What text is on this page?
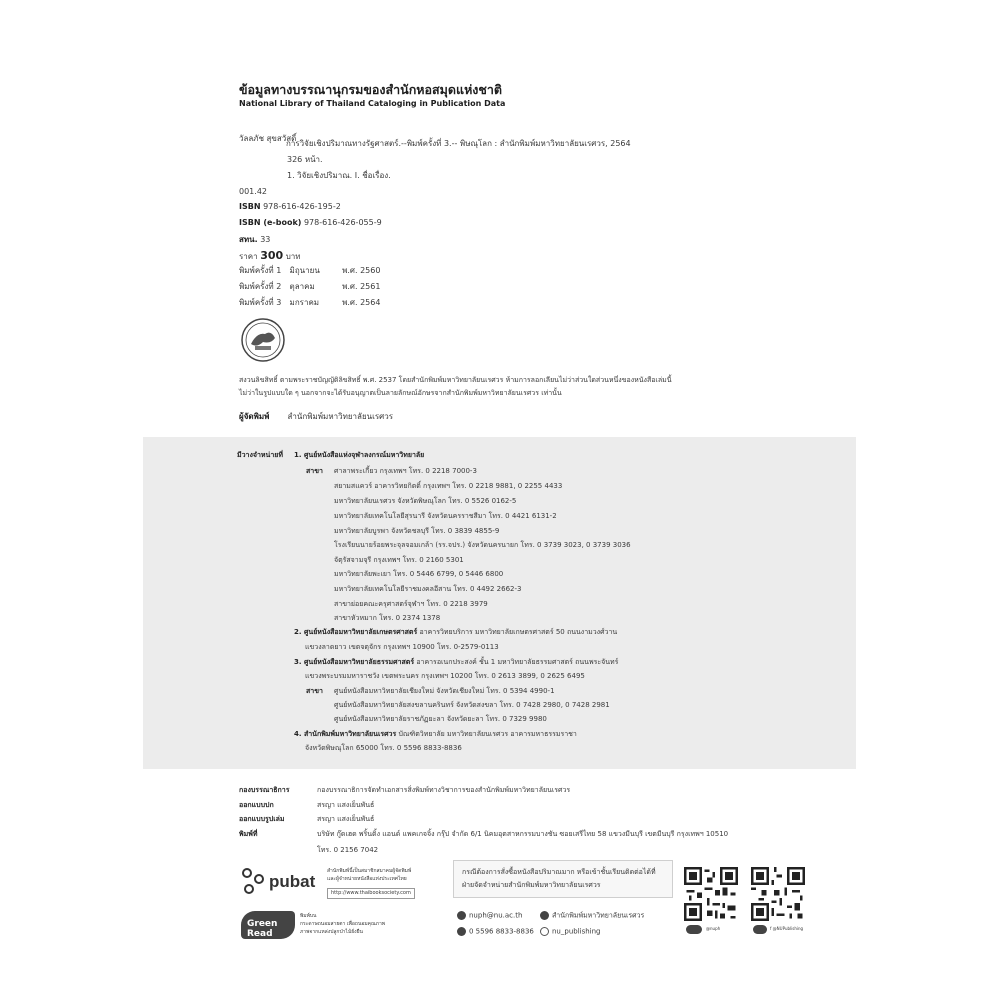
ข้อมูลทางบรรณานุกรมของสำนักหอสมุดแห่งชาติ
National Library of Thailand Cataloging in Publication Data
วัลลภัช สุขสวัสดิ์
การวิจัยเชิงปริมาณทางรัฐศาสตร์.--พิมพ์ครั้งที่ 3.-- พิษณุโลก : สำนักพิมพ์มหาวิทยาลัยนเรศวร, 2564
326 หน้า.
1. วิจัยเชิงปริมาณ. I. ชื่อเรื่อง.
001.42
ISBN 978-616-426-195-2
ISBN (e-book) 978-616-426-055-9
สทน. 33
ราคา 300 บาท
พิมพ์ครั้งที่ 1 มิถุนายน	พ.ศ. 2560
พิมพ์ครั้งที่ 2 ตุลาคม	พ.ศ. 2561
พิมพ์ครั้งที่ 3 มกราคม	พ.ศ. 2564
สงวนลิขสิทธิ์ ตามพระราชบัญญัติลิขสิทธิ์ พ.ศ. 2537 โดยสำนักพิมพ์มหาวิทยาลัยนเรศวร ห้ามการลอกเลียนไม่ว่าส่วนใดส่วนหนึ่งของหนังสือเล่มนี้
ไม่ว่าในรูปแบบใด ๆ นอกจากจะได้รับอนุญาตเป็นลายลักษณ์อักษรจากสำนักพิมพ์มหาวิทยาลัยนเรศวร เท่านั้น
ผู้จัดพิมพ์ สำนักพิมพ์มหาวิทยาลัยนเรศวร
มีวางจำหน่ายที่ 1. ศูนย์หนังสือแห่งจุฬาลงกรณ์มหาวิทยาลัย
สาขา ศาลาพระเกี้ยว กรุงเทพฯ โทร. 0 2218 7000-3
สยามสแควร์ อาคารวิทยกิตติ์ กรุงเทพฯ โทร. 0 2218 9881, 0 2255 4433
มหาวิทยาลัยนเรศวร จังหวัดพิษณุโลก โทร. 0 5526 0162-5
มหาวิทยาลัยเทคโนโลยีสุรนารี จังหวัดนครราชสีมา โทร. 0 4421 6131-2
มหาวิทยาลัยบูรพา จังหวัดชลบุรี โทร. 0 3839 4855-9
โรงเรียนนายร้อยพระจุลจอมเกล้า (รร.จปร.) จังหวัดนครนายก โทร. 0 3739 3023, 0 3739 3036
จัตุรัสจามจุรี กรุงเทพฯ โทร. 0 2160 5301
มหาวิทยาลัยพะเยา โทร. 0 5446 6799, 0 5446 6800
มหาวิทยาลัยเทคโนโลยีราชมงคลอีสาน โทร. 0 4492 2662-3
สาขาย่อยคณะครุศาสตร์จุฬาฯ โทร. 0 2218 3979
สาขาหัวหมาก โทร. 0 2374 1378
2. ศูนย์หนังสือมหาวิทยาลัยเกษตรศาสตร์ อาคารวิทยบริการ มหาวิทยาลัยเกษตรศาสตร์ 50 ถนนงามวงศ์วาน
แขวงลาดยาว เขตจตุจักร กรุงเทพฯ 10900 โทร. 0-2579-0113
3. ศูนย์หนังสือมหาวิทยาลัยธรรมศาสตร์ อาคารอเนกประสงค์ ชั้น 1 มหาวิทยาลัยธรรมศาสตร์ ถนนพระจันทร์
แขวงพระบรมมหาราชวัง เขตพระนคร กรุงเทพฯ 10200 โทร. 0 2613 3899, 0 2625 6495
สาขา ศูนย์หนังสือมหาวิทยาลัยเชียงใหม่ จังหวัดเชียงใหม่ โทร. 0 5394 4990-1
ศูนย์หนังสือมหาวิทยาลัยสงขลานครินทร์ จังหวัดสงขลา โทร. 0 7428 2980, 0 7428 2981
ศูนย์หนังสือมหาวิทยาลัยราชภัฏยะลา จังหวัดยะลา โทร. 0 7329 9980
4. สำนักพิมพ์มหาวิทยาลัยนเรศวร บัณฑิตวิทยาลัย มหาวิทยาลัยนเรศวร อาคารมหาธรรมราชา
จังหวัดพิษณุโลก 65000 โทร. 0 5596 8833-8836
กองบรรณาธิการ	กองบรรณาธิการจัดทำเอกสารสิ่งพิมพ์ทางวิชาการของสำนักพิมพ์มหาวิทยาลัยนเรศวร
ออกแบบปก	สรญา แสงเย็นพันธ์
ออกแบบรูปเล่ม	สรญา แสงเย็นพันธ์
พิมพ์ที่	บริษัท กู๊ดเฮด พริ้นติ้ง แอนด์ แพคเกจจิ้ง กรุ๊ป จำกัด 6/1 นิคมอุตสาหกรรมบางชัน ซอยเสรีไทย 58 แขวงมีนบุรี เขตมีนบุรี กรุงเทพฯ 10510
โทร. 0 2156 7042
pubat
สำนักพิมพ์นี้เป็นสมาชิกสมาคมผู้จัดพิมพ์
และผู้จำหน่ายหนังสือแห่งประเทศไทย
http://www.thaibooksociety.com
Green Read
พิมพ์บน
กระดาษถนอมสายตา เพื่อถนอมคุณภาพ
ภาพจากแหล่งปลูกป่าไม้ยั่งยืน
กรณีต้องการสั่งซื้อหนังสือปริมาณมาก หรือเข้าชั้นเรียนติดต่อได้ที่
ฝ่ายจัดจำหน่ายสำนักพิมพ์มหาวิทยาลัยนเรศวร
nuph@nu.ac.th	สำนักพิมพ์มหาวิทยาลัยนเรศวร
0 5596 8833-8836	nu_publishing	@nuph	f @NUPublishing
